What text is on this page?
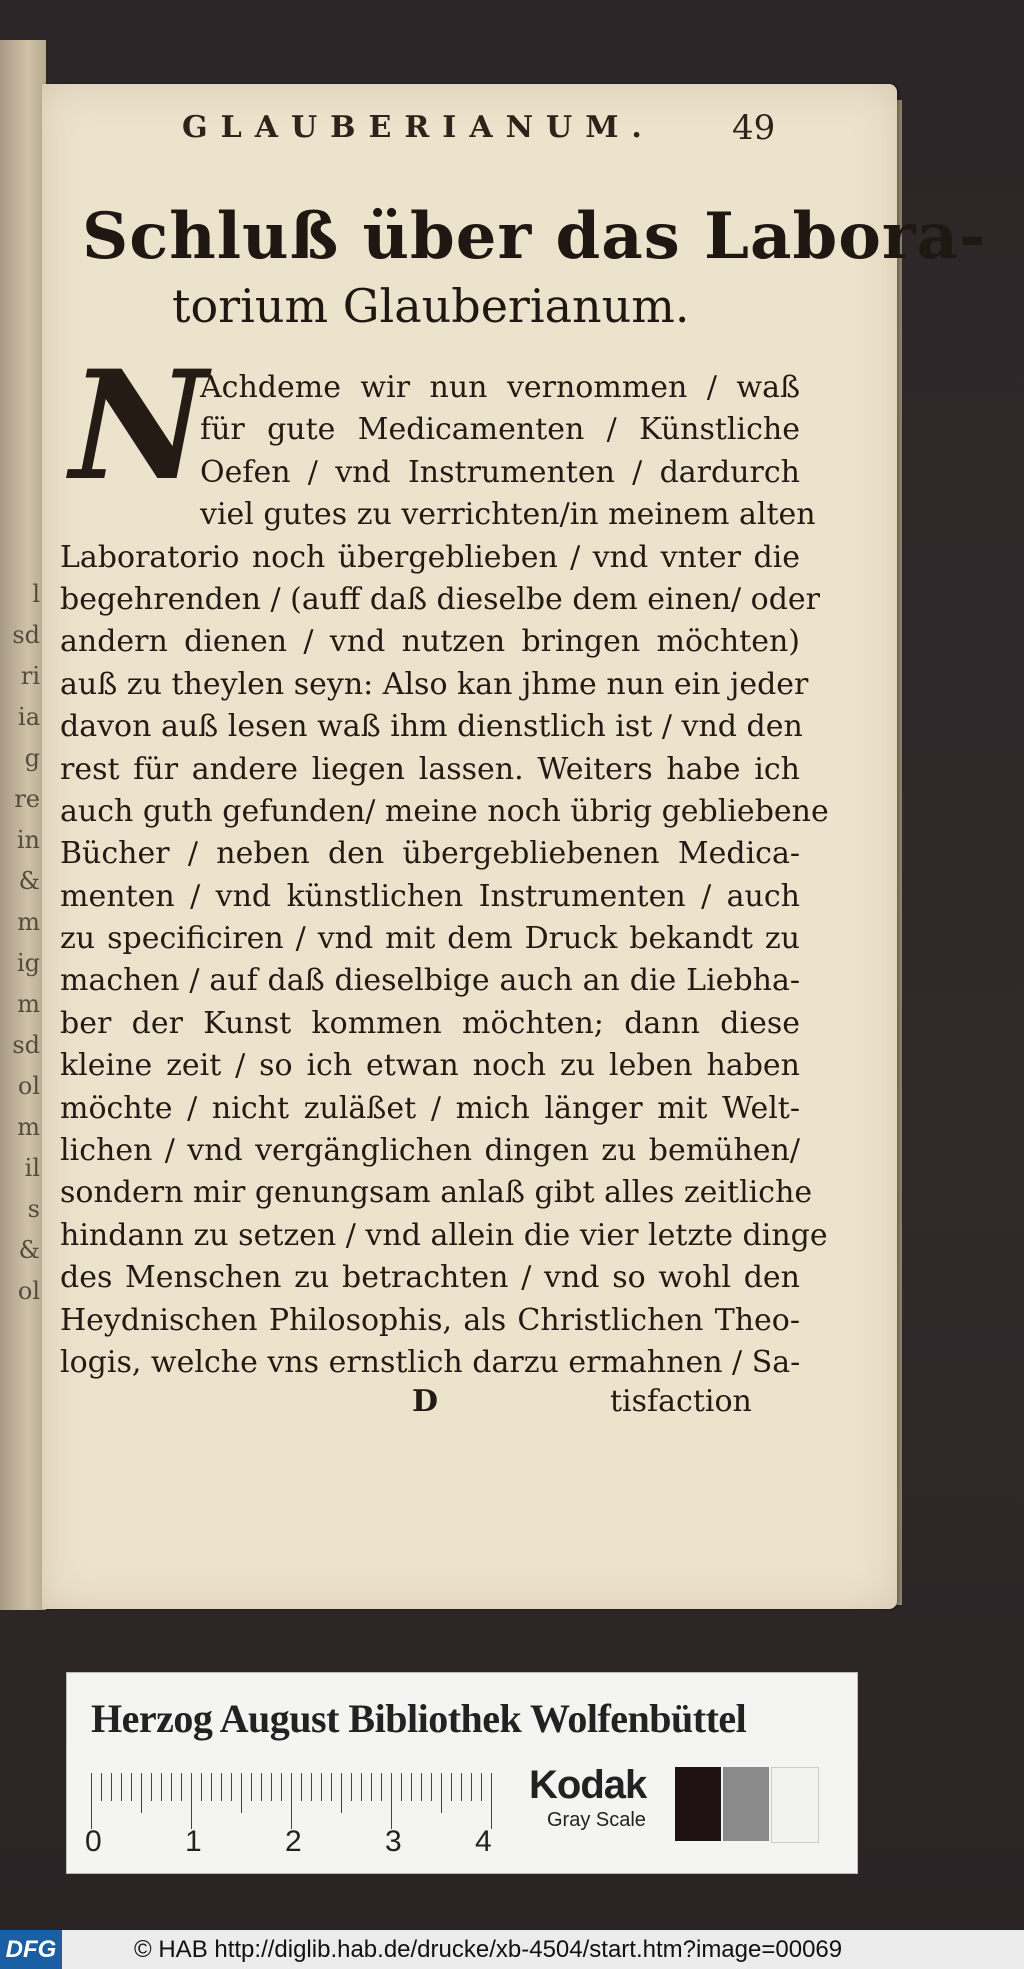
l
sd
ri
ia
g
re
in
&
m
ig
m
sd
ol
m
il
s
&
ol
GLAUBERIANUM.	49
Schluß über das Labora-
torium Glauberianum.
N
Achdeme wir nun vernommen / waß
für gute Medicamenten / Künstliche
Oefen / vnd Instrumenten / dardurch
viel gutes zu verrichten/in meinem alten
Laboratorio noch übergeblieben / vnd vnter die
begehrenden / (auff daß dieselbe dem einen/ oder
andern dienen / vnd nutzen bringen möchten)
auß zu theylen seyn: Also kan jhme nun ein jeder
davon auß lesen waß ihm dienstlich ist / vnd den
rest für andere liegen lassen. Weiters habe ich
auch guth gefunden/ meine noch übrig gebliebene
Bücher / neben den übergebliebenen Medica-
menten / vnd künstlichen Instrumenten / auch
zu specificiren / vnd mit dem Druck bekandt zu
machen / auf daß dieselbige auch an die Liebha-
ber der Kunst kommen möchten; dann diese
kleine zeit / so ich etwan noch zu leben haben
möchte / nicht zuläßet / mich länger mit Welt-
lichen / vnd vergänglichen dingen zu bemühen/
sondern mir genungsam anlaß gibt alles zeitliche
hindann zu setzen / vnd allein die vier letzte dinge
des Menschen zu betrachten / vnd so wohl den
Heydnischen Philosophis, als Christlichen Theo-
logis, welche vns ernstlich darzu ermahnen / Sa-
D	tisfaction
Herzog August Bibliothek Wolfenbüttel
0	1	2	3 4
Kodak
Gray Scale
DFG	© HAB http://diglib.hab.de/drucke/xb-4504/start.htm?image=00069
